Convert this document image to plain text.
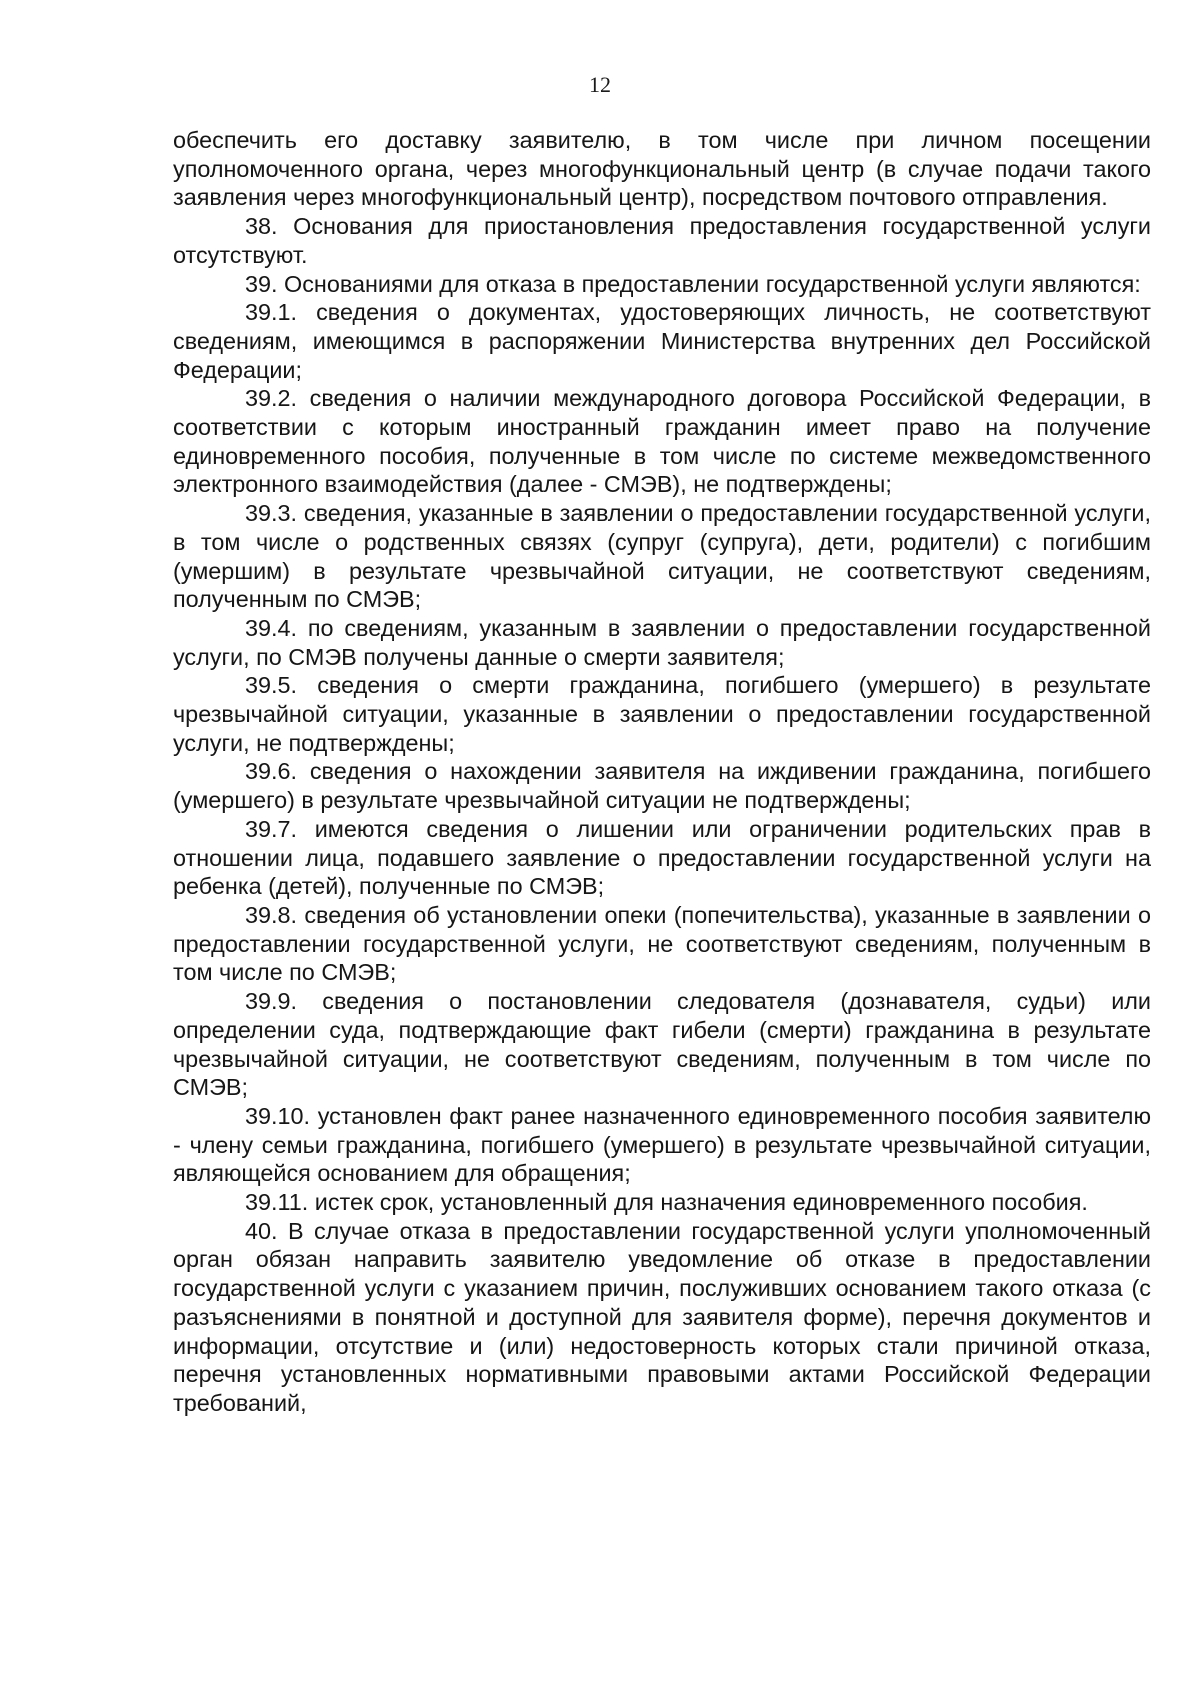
12

обеспечить его доставку заявителю, в том числе при личном посещении уполномоченного органа, через многофункциональный центр (в случае подачи такого заявления через многофункциональный центр), посредством почтового отправления.

38. Основания для приостановления предоставления государственной услуги отсутствуют.

39. Основаниями для отказа в предоставлении государственной услуги являются:

39.1. сведения о документах, удостоверяющих личность, не соответствуют сведениям, имеющимся в распоряжении Министерства внутренних дел Российской Федерации;

39.2. сведения о наличии международного договора Российской Федерации, в соответствии с которым иностранный гражданин имеет право на получение единовременного пособия, полученные в том числе по системе межведомственного электронного взаимодействия (далее - СМЭВ), не подтверждены;

39.3. сведения, указанные в заявлении о предоставлении государственной услуги, в том числе о родственных связях (супруг (супруга), дети, родители) с погибшим (умершим) в результате чрезвычайной ситуации, не соответствуют сведениям, полученным по СМЭВ;

39.4. по сведениям, указанным в заявлении о предоставлении государственной услуги, по СМЭВ получены данные о смерти заявителя;

39.5. сведения о смерти гражданина, погибшего (умершего) в результате чрезвычайной ситуации, указанные в заявлении о предоставлении государственной услуги, не подтверждены;

39.6. сведения о нахождении заявителя на иждивении гражданина, погибшего (умершего) в результате чрезвычайной ситуации не подтверждены;

39.7. имеются сведения о лишении или ограничении родительских прав в отношении лица, подавшего заявление о предоставлении государственной услуги на ребенка (детей), полученные по СМЭВ;

39.8. сведения об установлении опеки (попечительства), указанные в заявлении о предоставлении государственной услуги, не соответствуют сведениям, полученным в том числе по СМЭВ;

39.9. сведения о постановлении следователя (дознавателя, судьи) или определении суда, подтверждающие факт гибели (смерти) гражданина в результате чрезвычайной ситуации, не соответствуют сведениям, полученным в том числе по СМЭВ;

39.10. установлен факт ранее назначенного единовременного пособия заявителю - члену семьи гражданина, погибшего (умершего) в результате чрезвычайной ситуации, являющейся основанием для обращения;

39.11. истек срок, установленный для назначения единовременного пособия.

40. В случае отказа в предоставлении государственной услуги уполномоченный орган обязан направить заявителю уведомление об отказе в предоставлении государственной услуги с указанием причин, послуживших основанием такого отказа (с разъяснениями в понятной и доступной для заявителя форме), перечня документов и информации, отсутствие и (или) недостоверность которых стали причиной отказа, перечня установленных нормативными правовыми актами Российской Федерации требований,
